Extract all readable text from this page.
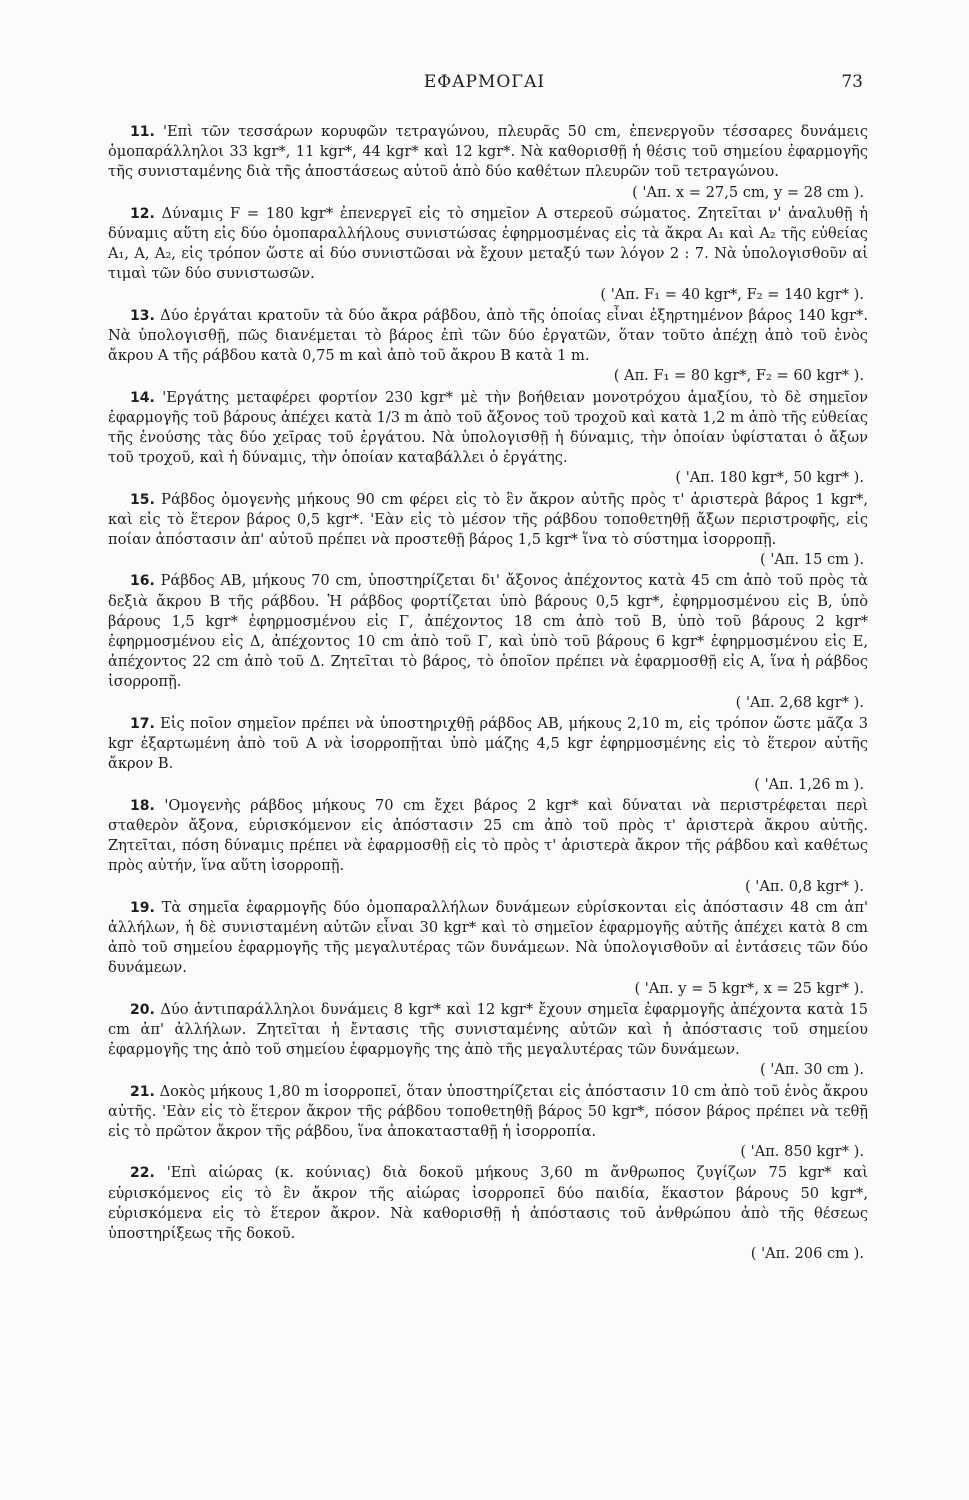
ΕΦΑΡΜΟΓΑΙ	73

11. 'Επὶ τῶν τεσσάρων κορυφῶν τετραγώνου, πλευρᾶς 50 cm, ἐπενεργοῦν τέσσαρες δυνάμεις ὁμοπαράλληλοι 33 kgr*, 11 kgr*, 44 kgr* καὶ 12 kgr*. Νὰ καθορισθῇ ἡ θέσις τοῦ σημείου ἐφαρμογῆς τῆς συνισταμένης διὰ τῆς ἀποστάσεως αὐτοῦ ἀπὸ δύο καθέτων πλευρῶν τοῦ τετραγώνου.

( 'Απ. x = 27,5 cm, y = 28 cm ).

12. Δύναμις F = 180 kgr* ἐπενεργεῖ εἰς τὸ σημεῖον Α στερεοῦ σώματος. Ζητεῖται ν' ἀναλυθῇ ἡ δύναμις αὕτη εἰς δύο ὁμοπαραλλήλους συνιστώσας ἐφηρμοσμένας εἰς τὰ ἄκρα A₁ καὶ A₂ τῆς εὐθείας A₁, A, A₂, εἰς τρόπον ὥστε αἱ δύο συνιστῶσαι νὰ ἔχουν μεταξύ των λόγον 2 : 7. Νὰ ὑπολογισθοῦν αἱ τιμαὶ τῶν δύο συνιστωσῶν.

( 'Απ. F₁ = 40 kgr*, F₂ = 140 kgr* ).

13. Δύο ἐργάται κρατοῦν τὰ δύο ἄκρα ράβδου, ἀπὸ τῆς ὁποίας εἶναι ἐξηρτημένον βάρος 140 kgr*. Νὰ ὑπολογισθῇ, πῶς διανέμεται τὸ βάρος ἐπὶ τῶν δύο ἐργατῶν, ὅταν τοῦτο ἀπέχῃ ἀπὸ τοῦ ἑνὸς ἄκρου Α τῆς ράβδου κατὰ 0,75 m καὶ ἀπὸ τοῦ ἄκρου Β κατὰ 1 m.

( Απ. F₁ = 80 kgr*, F₂ = 60 kgr* ).

14. 'Εργάτης μεταφέρει φορτίον 230 kgr* μὲ τὴν βοήθειαν μονοτρόχου ἁμαξίου, τὸ δὲ σημεῖον ἐφαρμογῆς τοῦ βάρους ἀπέχει κατὰ 1/3 m ἀπὸ τοῦ ἄξονος τοῦ τροχοῦ καὶ κατὰ 1,2 m ἀπὸ τῆς εὐθείας τῆς ἑνούσης τὰς δύο χεῖρας τοῦ ἐργάτου. Νὰ ὑπολογισθῇ ἡ δύναμις, τὴν ὁποίαν ὑφίσταται ὁ ἄξων τοῦ τροχοῦ, καὶ ἡ δύναμις, τὴν ὁποίαν καταβάλλει ὁ ἐργάτης.

( 'Απ. 180 kgr*, 50 kgr* ).

15. Ράβδος ὁμογενὴς μήκους 90 cm φέρει εἰς τὸ ἓν ἄκρον αὐτῆς πρὸς τ' ἀριστερὰ βάρος 1 kgr*, καὶ εἰς τὸ ἕτερον βάρος 0,5 kgr*. 'Εὰν εἰς τὸ μέσον τῆς ράβδου τοποθετηθῇ ἄξων περιστροφῆς, εἰς ποίαν ἀπόστασιν ἀπ' αὐτοῦ πρέπει νὰ προστεθῇ βάρος 1,5 kgr* ἵνα τὸ σύστημα ἰσορροπῇ.

( 'Απ. 15 cm ).

16. Ράβδος ΑΒ, μήκους 70 cm, ὑποστηρίζεται δι' ἄξονος ἀπέχοντος κατὰ 45 cm ἀπὸ τοῦ πρὸς τὰ δεξιὰ ἄκρου Β τῆς ράβδου. Ἡ ράβδος φορτίζεται ὑπὸ βάρους 0,5 kgr*, ἐφηρμοσμένου εἰς Β, ὑπὸ βάρους 1,5 kgr* ἐφηρμοσμένου εἰς Γ, ἀπέχοντος 18 cm ἀπὸ τοῦ Β, ὑπὸ τοῦ βάρους 2 kgr* ἐφηρμοσμένου εἰς Δ, ἀπέχοντος 10 cm ἀπὸ τοῦ Γ, καὶ ὑπὸ τοῦ βάρους 6 kgr* ἐφηρμοσμένου εἰς Ε, ἀπέχοντος 22 cm ἀπὸ τοῦ Δ. Ζητεῖται τὸ βάρος, τὸ ὁποῖον πρέπει νὰ ἐφαρμοσθῇ εἰς Α, ἵνα ἡ ράβδος ἰσορροπῇ.

( 'Απ. 2,68 kgr* ).

17. Εἰς ποῖον σημεῖον πρέπει νὰ ὑποστηριχθῇ ράβδος ΑΒ, μήκους 2,10 m, εἰς τρόπον ὥστε μᾶζα 3 kgr ἐξαρτωμένη ἀπὸ τοῦ Α νὰ ἰσορροπῇται ὑπὸ μάζης 4,5 kgr ἐφηρμοσμένης εἰς τὸ ἕτερον αὐτῆς ἄκρον Β.

( 'Απ. 1,26 m ).

18. 'Ομογενὴς ράβδος μήκους 70 cm ἔχει βάρος 2 kgr* καὶ δύναται νὰ περιστρέφεται περὶ σταθερὸν ἄξονα, εὑρισκόμενον εἰς ἀπόστασιν 25 cm ἀπὸ τοῦ πρὸς τ' ἀριστερὰ ἄκρου αὐτῆς. Ζητεῖται, πόση δύναμις πρέπει νὰ ἐφαρμοσθῇ εἰς τὸ πρὸς τ' ἀριστερὰ ἄκρον τῆς ράβδου καὶ καθέτως πρὸς αὐτήν, ἵνα αὕτη ἰσορροπῇ.

( 'Απ. 0,8 kgr* ).

19. Τὰ σημεῖα ἐφαρμογῆς δύο ὁμοπαραλλήλων δυνάμεων εὑρίσκονται εἰς ἀπόστασιν 48 cm ἀπ' ἀλλήλων, ἡ δὲ συνισταμένη αὐτῶν εἶναι 30 kgr* καὶ τὸ σημεῖον ἐφαρμογῆς αὐτῆς ἀπέχει κατὰ 8 cm ἀπὸ τοῦ σημείου ἐφαρμογῆς τῆς μεγαλυτέρας τῶν δυνάμεων. Νὰ ὑπολογισθοῦν αἱ ἐντάσεις τῶν δύο δυνάμεων.

( 'Απ. y = 5 kgr*, x = 25 kgr* ).

20. Δύο ἀντιπαράλληλοι δυνάμεις 8 kgr* καὶ 12 kgr* ἔχουν σημεῖα ἐφαρμογῆς ἀπέχοντα κατὰ 15 cm ἀπ' ἀλλήλων. Ζητεῖται ἡ ἔντασις τῆς συνισταμένης αὐτῶν καὶ ἡ ἀπόστασις τοῦ σημείου ἐφαρμογῆς της ἀπὸ τοῦ σημείου ἐφαρμογῆς της ἀπὸ τῆς μεγαλυτέρας τῶν δυνάμεων.

( 'Απ. 30 cm ).

21. Δοκὸς μήκους 1,80 m ἰσορροπεῖ, ὅταν ὑποστηρίζεται εἰς ἀπόστασιν 10 cm ἀπὸ τοῦ ἑνὸς ἄκρου αὐτῆς. 'Εὰν εἰς τὸ ἕτερον ἄκρον τῆς ράβδου τοποθετηθῇ βάρος 50 kgr*, πόσον βάρος πρέπει νὰ τεθῇ εἰς τὸ πρῶτον ἄκρον τῆς ράβδου, ἵνα ἀποκατασταθῇ ἡ ἰσορροπία.

( 'Απ. 850 kgr* ).

22. 'Επὶ αἰώρας (κ. κούνιας) διὰ δοκοῦ μήκους 3,60 m ἄνθρωπος ζυγίζων 75 kgr* καὶ εὑρισκόμενος εἰς τὸ ἓν ἄκρον τῆς αἰώρας ἰσορροπεῖ δύο παιδία, ἕκαστον βάρους 50 kgr*, εὑρισκόμενα εἰς τὸ ἕτερον ἄκρον. Νὰ καθορισθῇ ἡ ἀπόστασις τοῦ ἀνθρώπου ἀπὸ τῆς θέσεως ὑποστηρίξεως τῆς δοκοῦ.

( 'Απ. 206 cm ).
